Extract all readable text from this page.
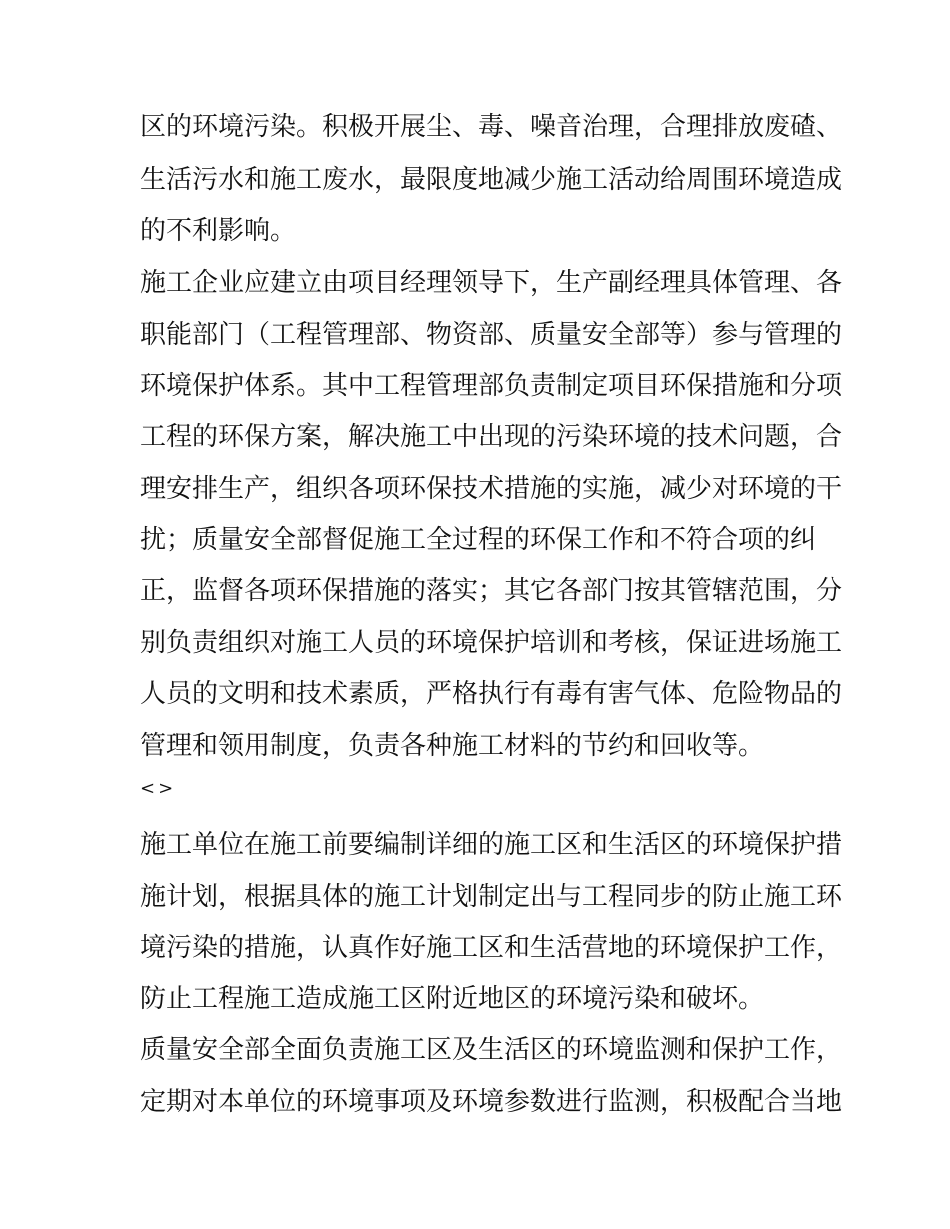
区的环境污染。积极开展尘、毒、噪音治理，合理排放废碴、

生活污水和施工废水，最限度地减少施工活动给周围环境造成

的不利影响。

施工企业应建立由项目经理领导下，生产副经理具体管理、各

职能部门（工程管理部、物资部、质量安全部等）参与管理的

环境保护体系。其中工程管理部负责制定项目环保措施和分项

工程的环保方案，解决施工中出现的污染环境的技术问题，合

理安排生产，组织各项环保技术措施的实施，减少对环境的干

扰；质量安全部督促施工全过程的环保工作和不符合项的纠

正，监督各项环保措施的落实；其它各部门按其管辖范围，分

别负责组织对施工人员的环境保护培训和考核，保证进场施工

人员的文明和技术素质，严格执行有毒有害气体、危险物品的

管理和领用制度，负责各种施工材料的节约和回收等。

<>

施工单位在施工前要编制详细的施工区和生活区的环境保护措

施计划，根据具体的施工计划制定出与工程同步的防止施工环

境污染的措施，认真作好施工区和生活营地的环境保护工作，

防止工程施工造成施工区附近地区的环境污染和破坏。

质量安全部全面负责施工区及生活区的环境监测和保护工作，

定期对本单位的环境事项及环境参数进行监测，积极配合当地
